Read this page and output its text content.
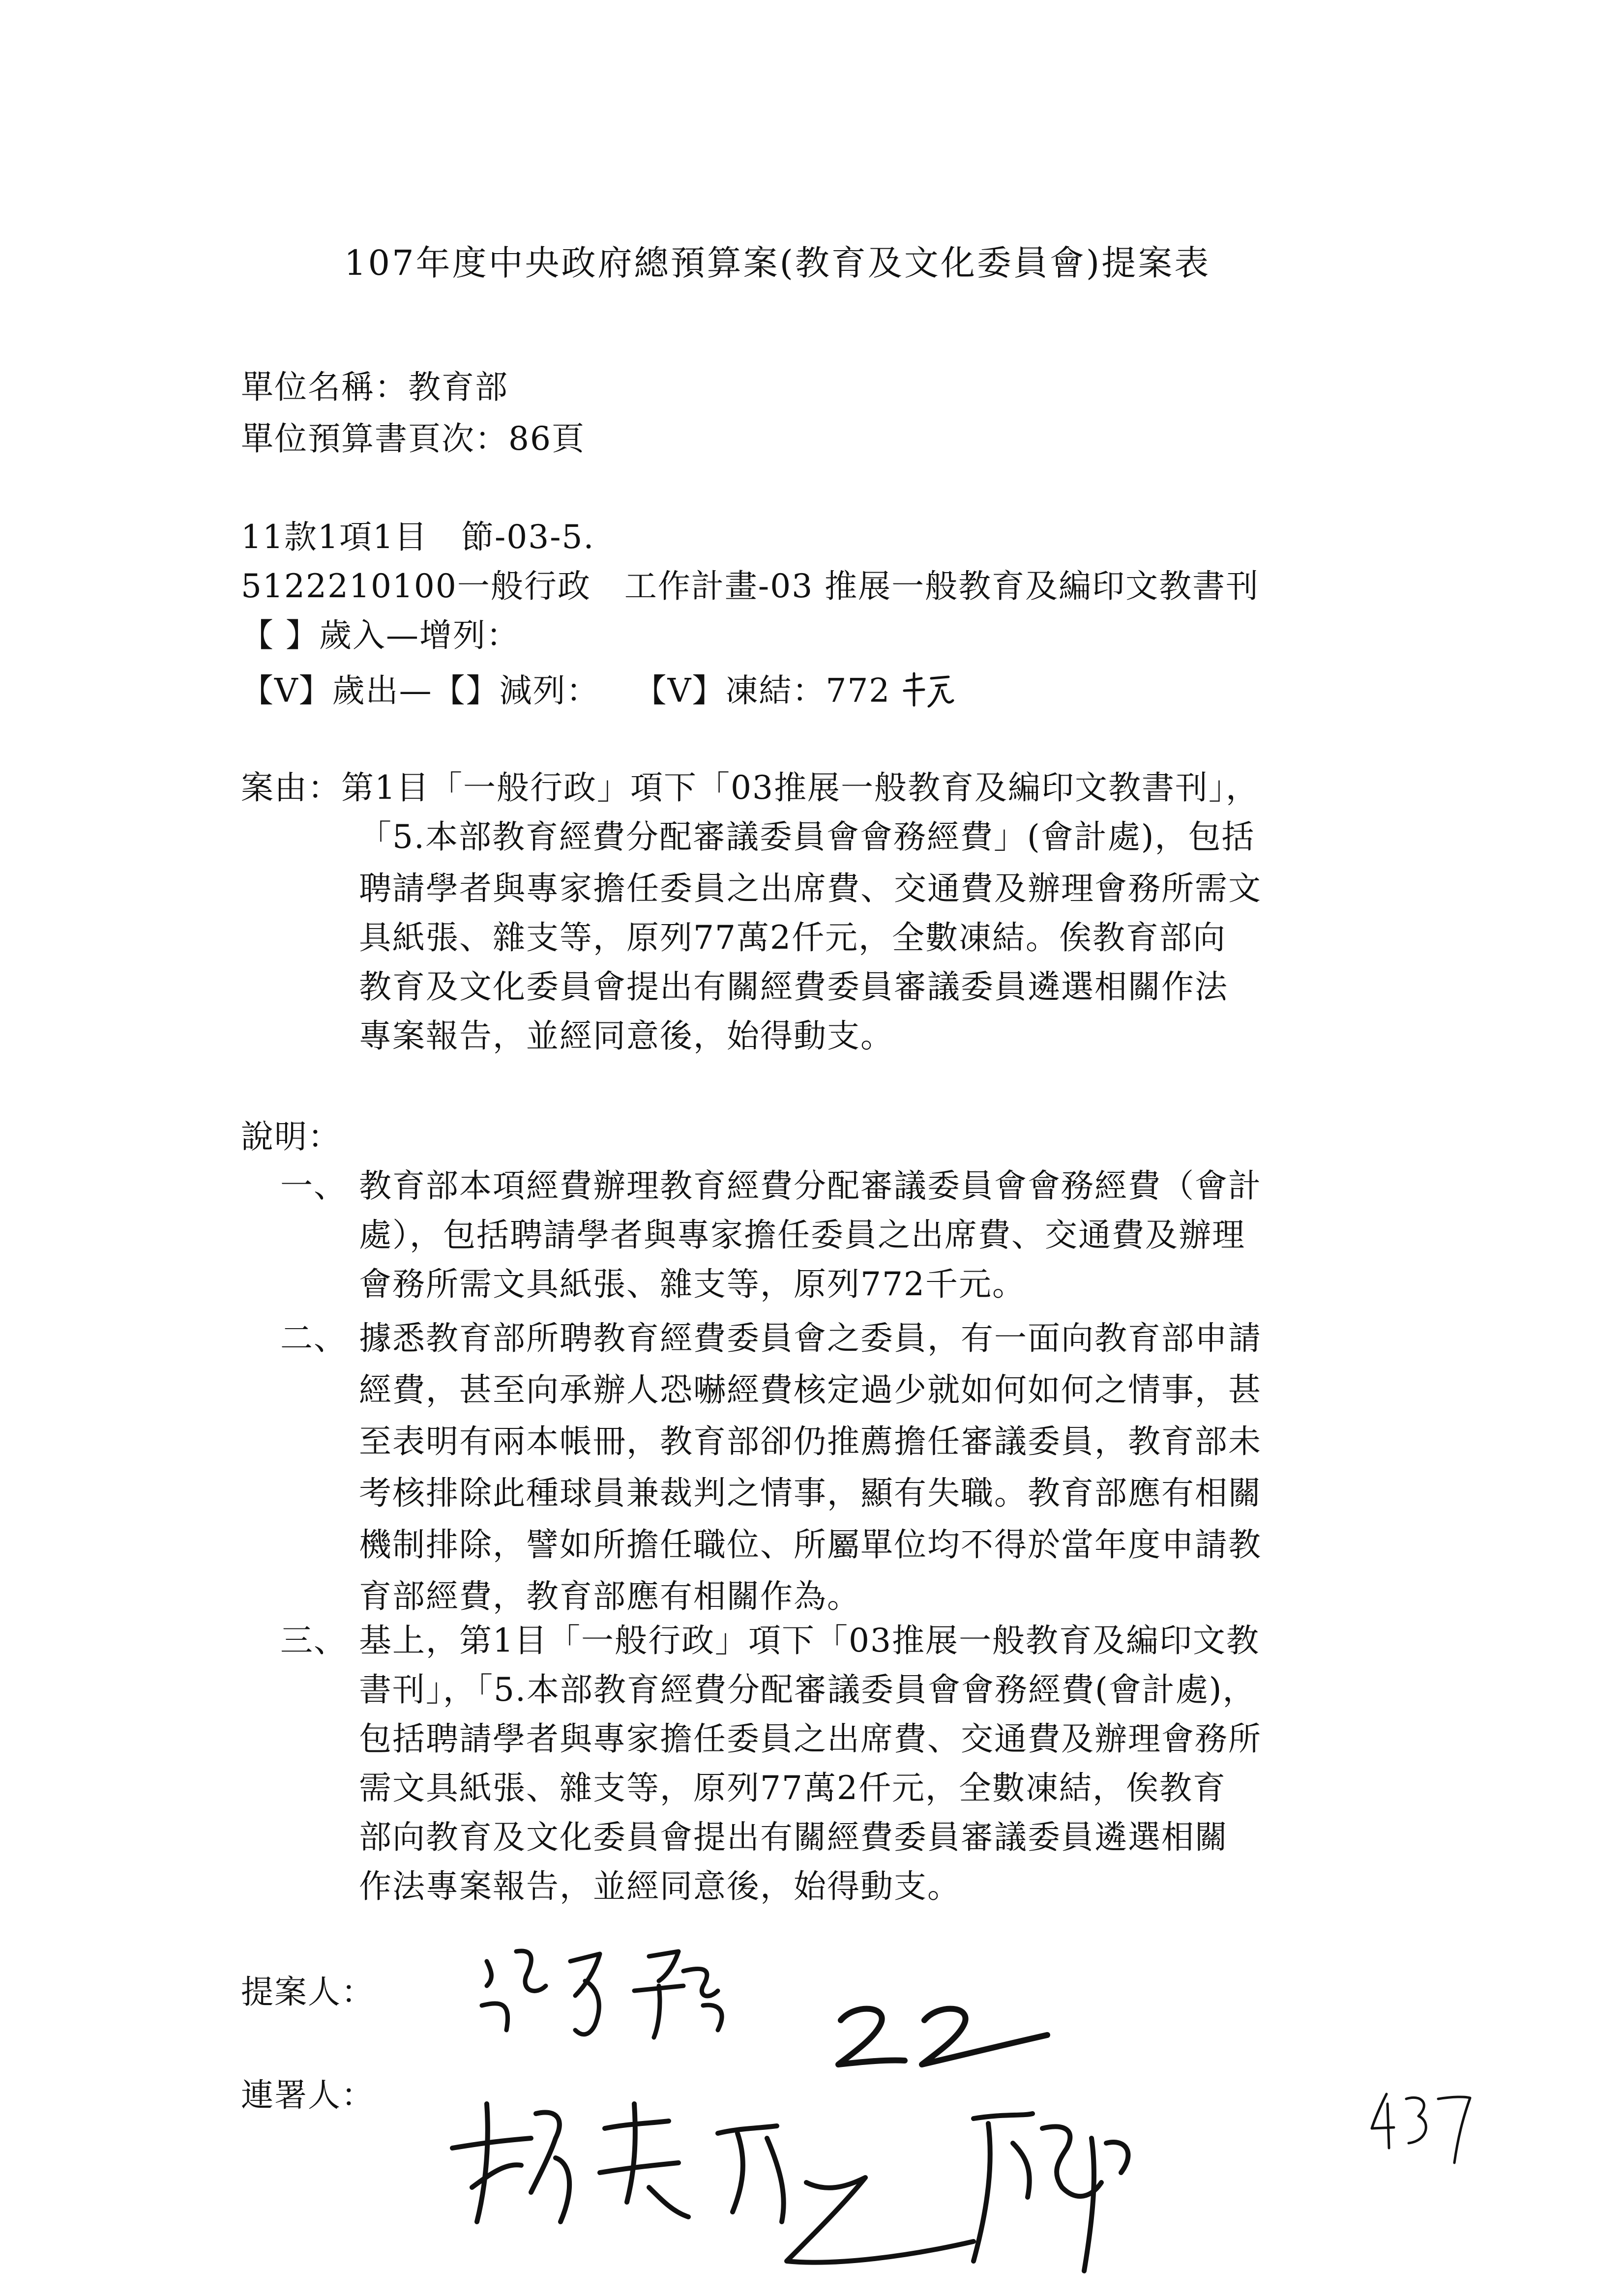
107年度中央政府總預算案(教育及文化委員會)提案表
單位名稱：教育部
單位預算書頁次：86頁
11款1項1目　節-03-5.
5122210100一般行政　工作計畫-03 推展一般教育及編印文教書刊
【 】歲入—增列：
【V】歲出—【】減列：　　【V】凍結：772
案由：第1目「一般行政」項下「03推展一般教育及編印文教書刊」，
「5.本部教育經費分配審議委員會會務經費」(會計處)，包括
聘請學者與專家擔任委員之出席費、交通費及辦理會務所需文
具紙張、雜支等，原列77萬2仟元，全數凍結。俟教育部向
教育及文化委員會提出有關經費委員審議委員遴選相關作法
專案報告，並經同意後，始得動支。
說明：
一、 教育部本項經費辦理教育經費分配審議委員會會務經費（會計
處），包括聘請學者與專家擔任委員之出席費、交通費及辦理
會務所需文具紙張、雜支等，原列772千元。
二、 據悉教育部所聘教育經費委員會之委員，有一面向教育部申請
經費，甚至向承辦人恐嚇經費核定過少就如何如何之情事，甚
至表明有兩本帳冊，教育部卻仍推薦擔任審議委員，教育部未
考核排除此種球員兼裁判之情事，顯有失職。教育部應有相關
機制排除，譬如所擔任職位、所屬單位均不得於當年度申請教
育部經費，教育部應有相關作為。
三、 基上，第1目「一般行政」項下「03推展一般教育及編印文教
書刊」，「5.本部教育經費分配審議委員會會務經費(會計處)，
包括聘請學者與專家擔任委員之出席費、交通費及辦理會務所
需文具紙張、雜支等，原列77萬2仟元，全數凍結，俟教育
部向教育及文化委員會提出有關經費委員審議委員遴選相關
作法專案報告，並經同意後，始得動支。
提案人：
連署人：
